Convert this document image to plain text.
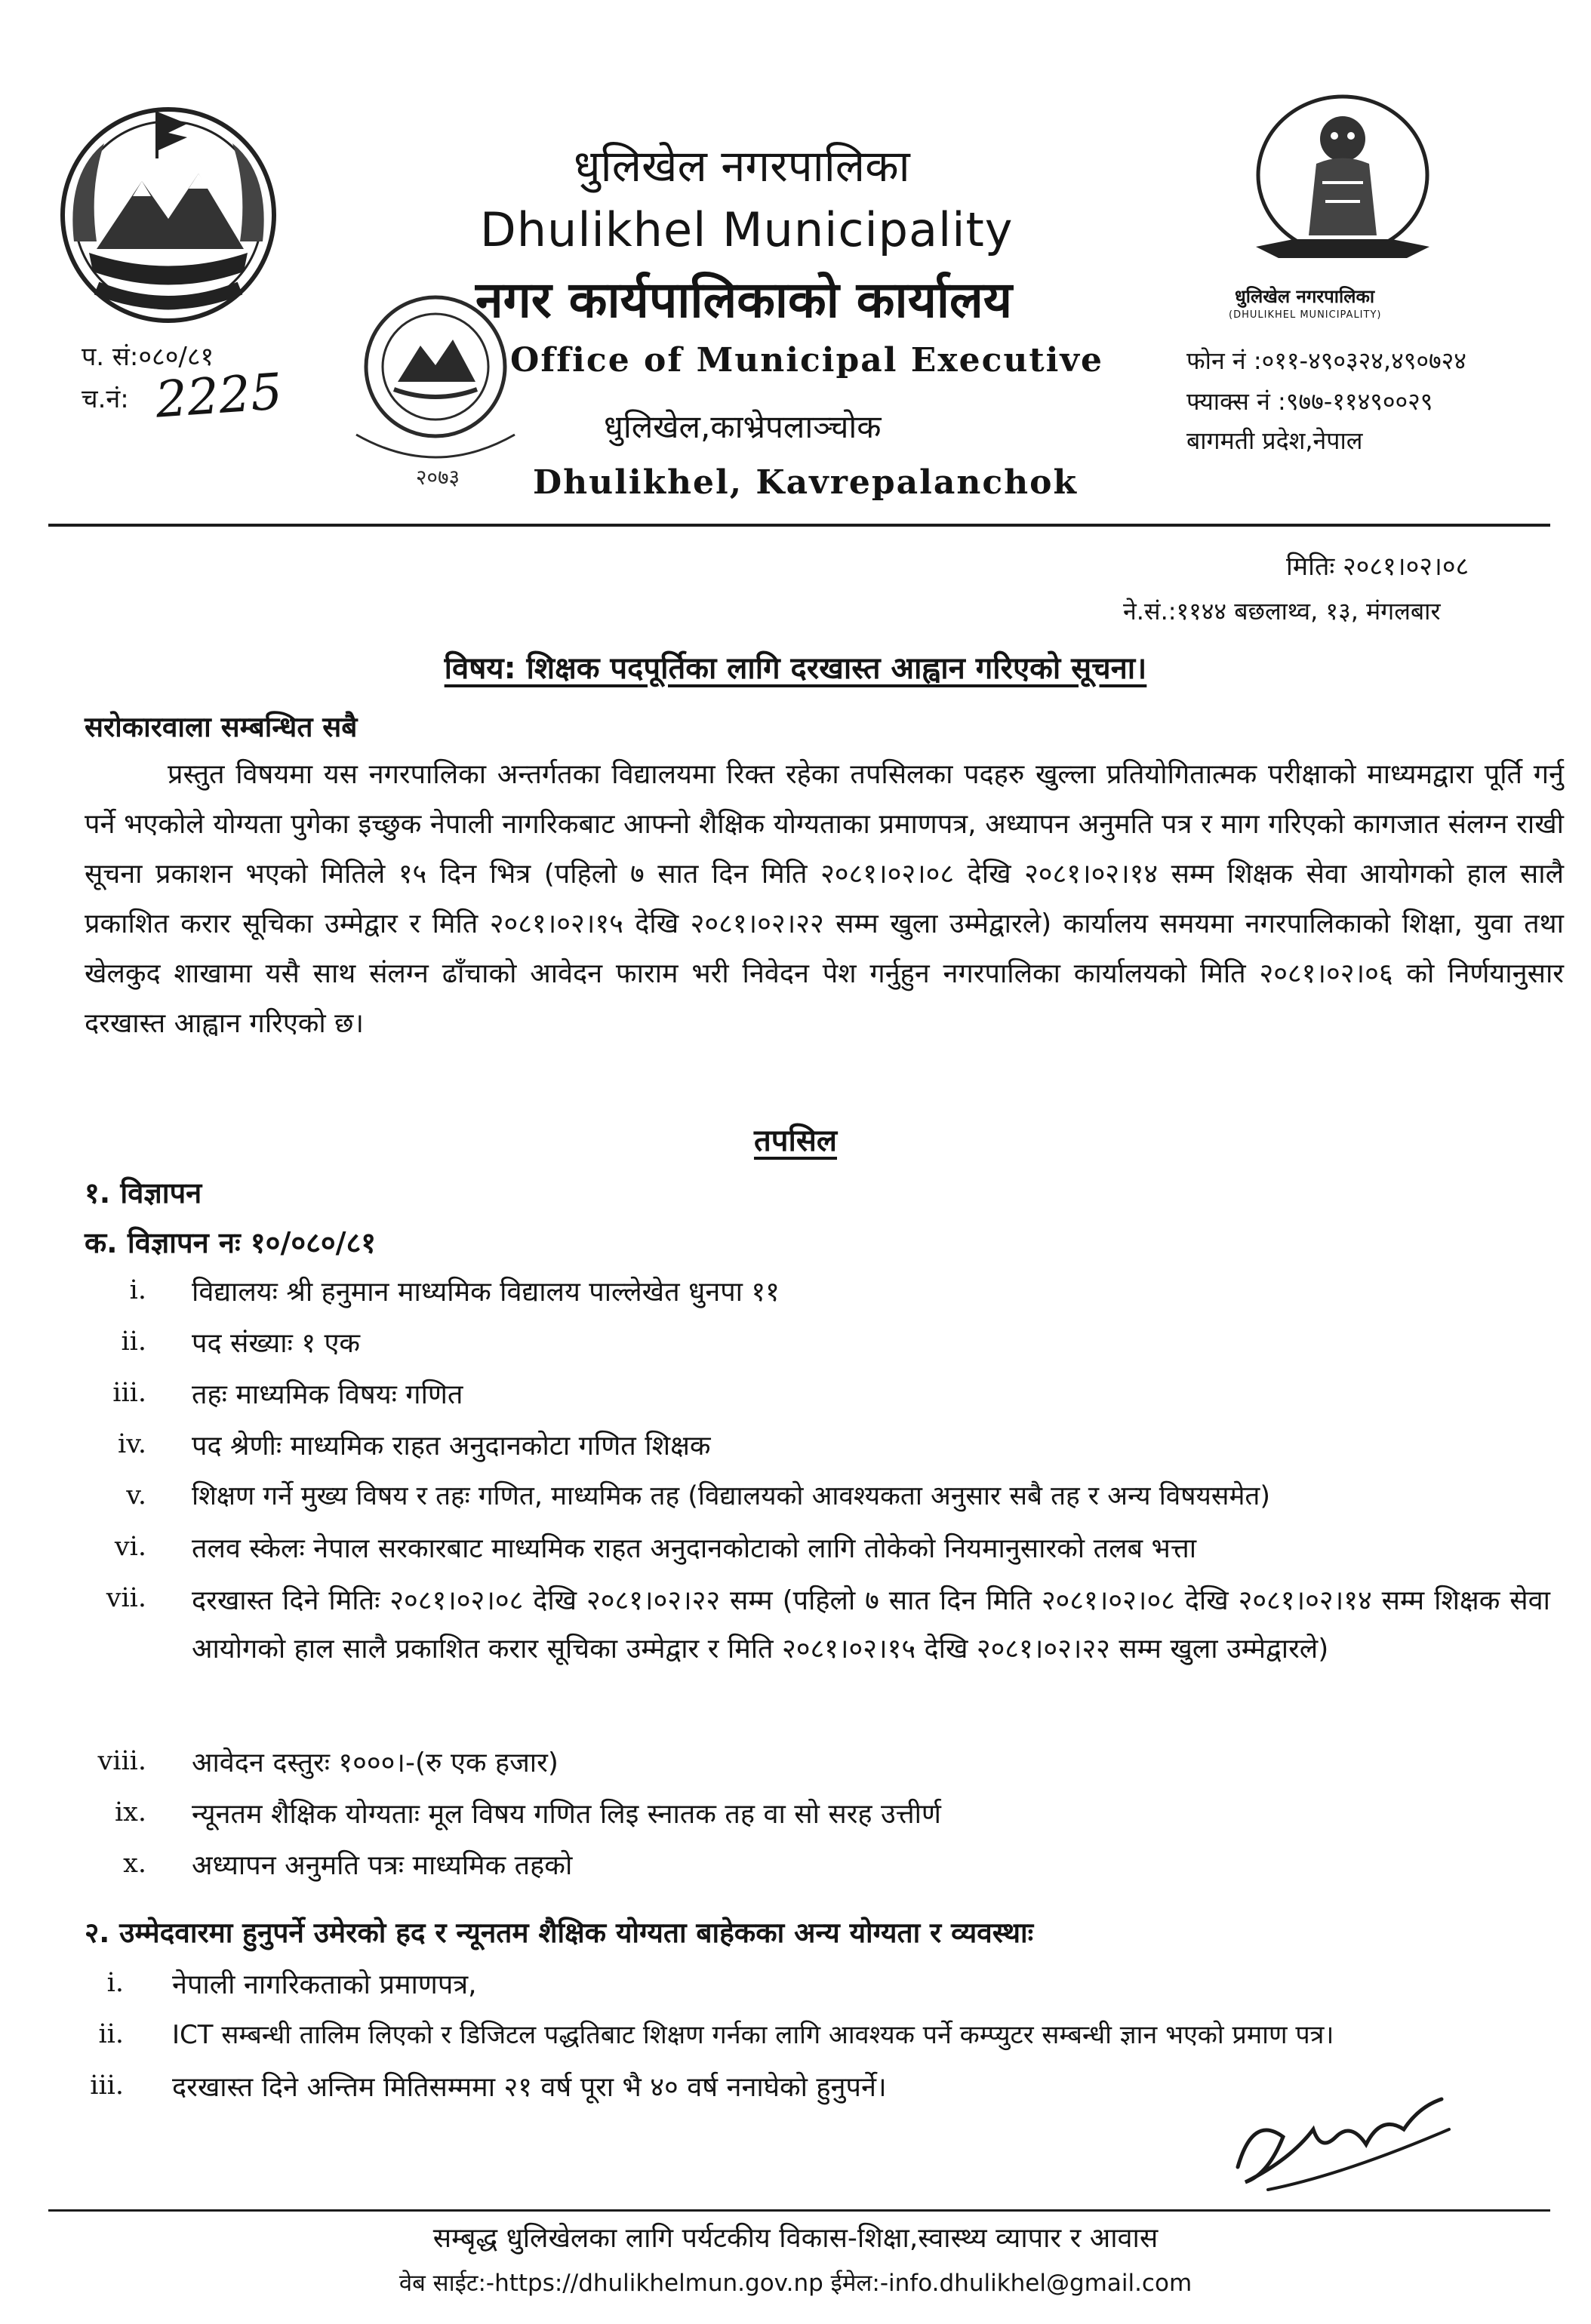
धुलिखेल नगरपालिका
Dhulikhel Municipality
२०७३
नगर कार्यपालिकाको कार्यालय
Office of Municipal Executive
धुलिखेल,काभ्रेपलाञ्चोक
Dhulikhel, Kavrepalanchok
प. सं:०८०/८१
च.नं: 2225
धुलिखेल नगरपालिका
(DHULIKHEL MUNICIPALITY)
फोन नं :०११-४९०३२४,४९०७२४
फ्याक्स नं :९७७-११४९००२९
बागमती प्रदेश,नेपाल
मितिः २०८१।०२।०८
ने.सं.:११४४ बछलाथ्व, १३, मंगलबार
विषय: शिक्षक पदपूर्तिका लागि दरखास्त आह्वान गरिएको सूचना।
सरोकारवाला सम्बन्धित सबै
प्रस्तुत विषयमा यस नगरपालिका अन्तर्गतका विद्यालयमा रिक्त रहेका तपसिलका पदहरु खुल्ला प्रतियोगितात्मक परीक्षाको माध्यमद्वारा पूर्ति गर्नु पर्ने भएकोले योग्यता पुगेका इच्छुक नेपाली नागरिकबाट आफ्नो शैक्षिक योग्यताका प्रमाणपत्र, अध्यापन अनुमति पत्र र माग गरिएको कागजात संलग्न राखी सूचना प्रकाशन भएको मितिले १५ दिन भित्र (पहिलो ७ सात दिन मिति २०८१।०२।०८ देखि २०८१।०२।१४ सम्म शिक्षक सेवा आयोगको हाल सालै प्रकाशित करार सूचिका उम्मेद्वार र मिति २०८१।०२।१५ देखि २०८१।०२।२२ सम्म खुला उम्मेद्वारले) कार्यालय समयमा नगरपालिकाको शिक्षा, युवा तथा खेलकुद शाखामा यसै साथ संलग्न ढाँचाको आवेदन फाराम भरी निवेदन पेश गर्नुहुन नगरपालिका कार्यालयको मिति २०८१।०२।०६ को निर्णयानुसार दरखास्त आह्वान गरिएको छ।
तपसिल
१. विज्ञापन
क. विज्ञापन नः १०/०८०/८१
i. विद्यालयः श्री हनुमान माध्यमिक विद्यालय पाल्लेखेत धुनपा ११
ii. पद संख्याः १ एक
iii. तहः माध्यमिक विषयः गणित
iv. पद श्रेणीः माध्यमिक राहत अनुदानकोटा गणित शिक्षक
v. शिक्षण गर्ने मुख्य विषय र तहः गणित, माध्यमिक तह (विद्यालयको आवश्यकता अनुसार सबै तह र अन्य विषयसमेत)
vi. तलव स्केलः नेपाल सरकारबाट माध्यमिक राहत अनुदानकोटाको लागि तोकेको नियमानुसारको तलब भत्ता
vii. दरखास्त दिने मितिः २०८१।०२।०८ देखि २०८१।०२।२२ सम्म (पहिलो ७ सात दिन मिति २०८१।०२।०८ देखि २०८१।०२।१४ सम्म शिक्षक सेवा आयोगको हाल सालै प्रकाशित करार सूचिका उम्मेद्वार र मिति २०८१।०२।१५ देखि २०८१।०२।२२ सम्म खुला उम्मेद्वारले)
viii. आवेदन दस्तुरः १०००।-(रु एक हजार)
ix. न्यूनतम शैक्षिक योग्यताः मूल विषय गणित लिइ स्नातक तह वा सो सरह उत्तीर्ण
x. अध्यापन अनुमति पत्रः माध्यमिक तहको
२. उम्मेदवारमा हुनुपर्ने उमेरको हद र न्यूनतम शैक्षिक योग्यता बाहेकका अन्य योग्यता र व्यवस्थाः
i. नेपाली नागरिकताको प्रमाणपत्र,
ii. ICT सम्बन्धी तालिम लिएको र डिजिटल पद्धतिबाट शिक्षण गर्नका लागि आवश्यक पर्ने कम्प्युटर सम्बन्धी ज्ञान भएको प्रमाण पत्र।
iii. दरखास्त दिने अन्तिम मितिसम्ममा २१ वर्ष पूरा भै ४० वर्ष ननाघेको हुनुपर्ने।
सम्बृद्ध धुलिखेलका लागि पर्यटकीय विकास-शिक्षा,स्वास्थ्य व्यापार र आवास
वेब साईट:-https://dhulikhelmun.gov.np ईमेल:-info.dhulikhel@gmail.com
